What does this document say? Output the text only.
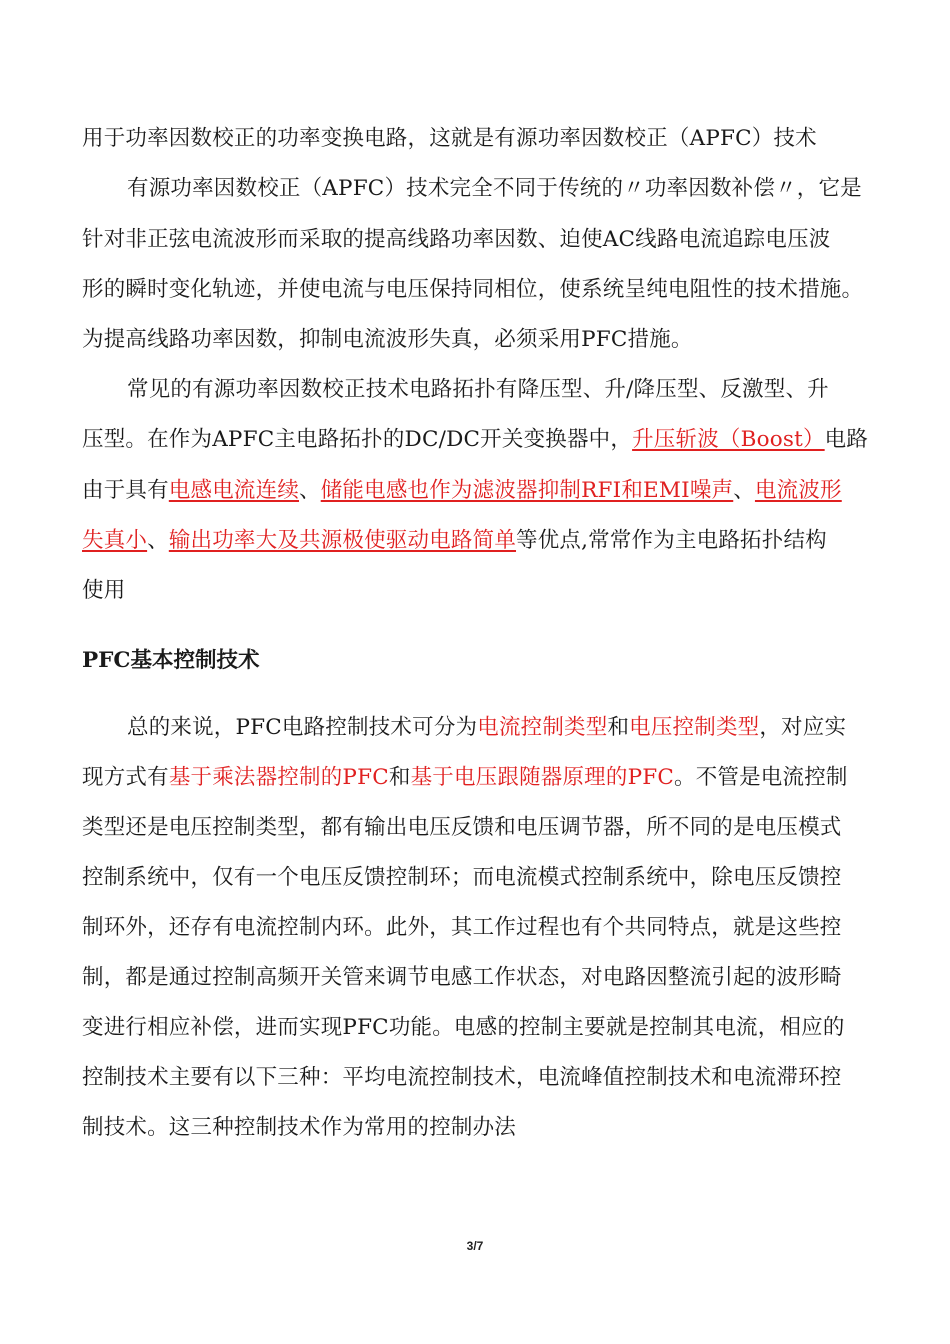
用于功率因数校正的功率变换电路，这就是有源功率因数校正（APFC）技术
有源功率因数校正（APFC）技术完全不同于传统的〃功率因数补偿〃，它是
针对非正弦电流波形而采取的提高线路功率因数、迫使AC线路电流追踪电压波
形的瞬时变化轨迹，并使电流与电压保持同相位，使系统呈纯电阻性的技术措施。
为提高线路功率因数，抑制电流波形失真，必须采用PFC措施。
常见的有源功率因数校正技术电路拓扑有降压型、升/降压型、反激型、升
压型。在作为APFC主电路拓扑的DC/DC开关变换器中，升压斩波（Boost）电路
由于具有电感电流连续、储能电感也作为滤波器抑制RFI和EMI噪声、电流波形
失真小、输出功率大及共源极使驱动电路简单等优点,常常作为主电路拓扑结构
使用
PFC基本控制技术
总的来说，PFC电路控制技术可分为电流控制类型和电压控制类型，对应实
现方式有基于乘法器控制的PFC和基于电压跟随器原理的PFC。不管是电流控制
类型还是电压控制类型，都有输出电压反馈和电压调节器，所不同的是电压模式
控制系统中，仅有一个电压反馈控制环；而电流模式控制系统中，除电压反馈控
制环外，还存有电流控制内环。此外，其工作过程也有个共同特点，就是这些控
制，都是通过控制高频开关管来调节电感工作状态，对电路因整流引起的波形畸
变进行相应补偿，进而实现PFC功能。电感的控制主要就是控制其电流，相应的
控制技术主要有以下三种：平均电流控制技术，电流峰值控制技术和电流滞环控
制技术。这三种控制技术作为常用的控制办法
3/7
